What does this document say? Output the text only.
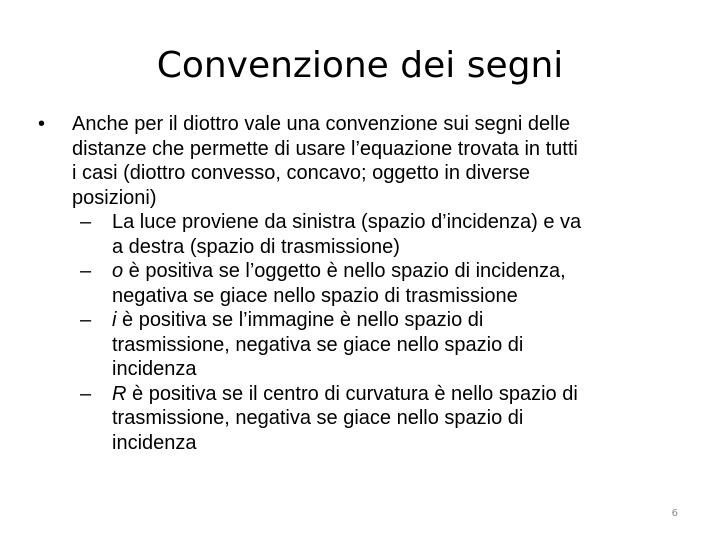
Convenzione dei segni
• Anche per il diottro vale una convenzione sui segni delle
distanze che permette di usare l’equazione trovata in tutti
i casi (diottro convesso, concavo; oggetto in diverse
posizioni)
– La luce proviene da sinistra (spazio d’incidenza) e va
a destra (spazio di trasmissione)
– o è positiva se l’oggetto è nello spazio di incidenza,
negativa se giace nello spazio di trasmissione
– i è positiva se l’immagine è nello spazio di
trasmissione, negativa se giace nello spazio di
incidenza
– R è positiva se il centro di curvatura è nello spazio di
trasmissione, negativa se giace nello spazio di
incidenza
6
